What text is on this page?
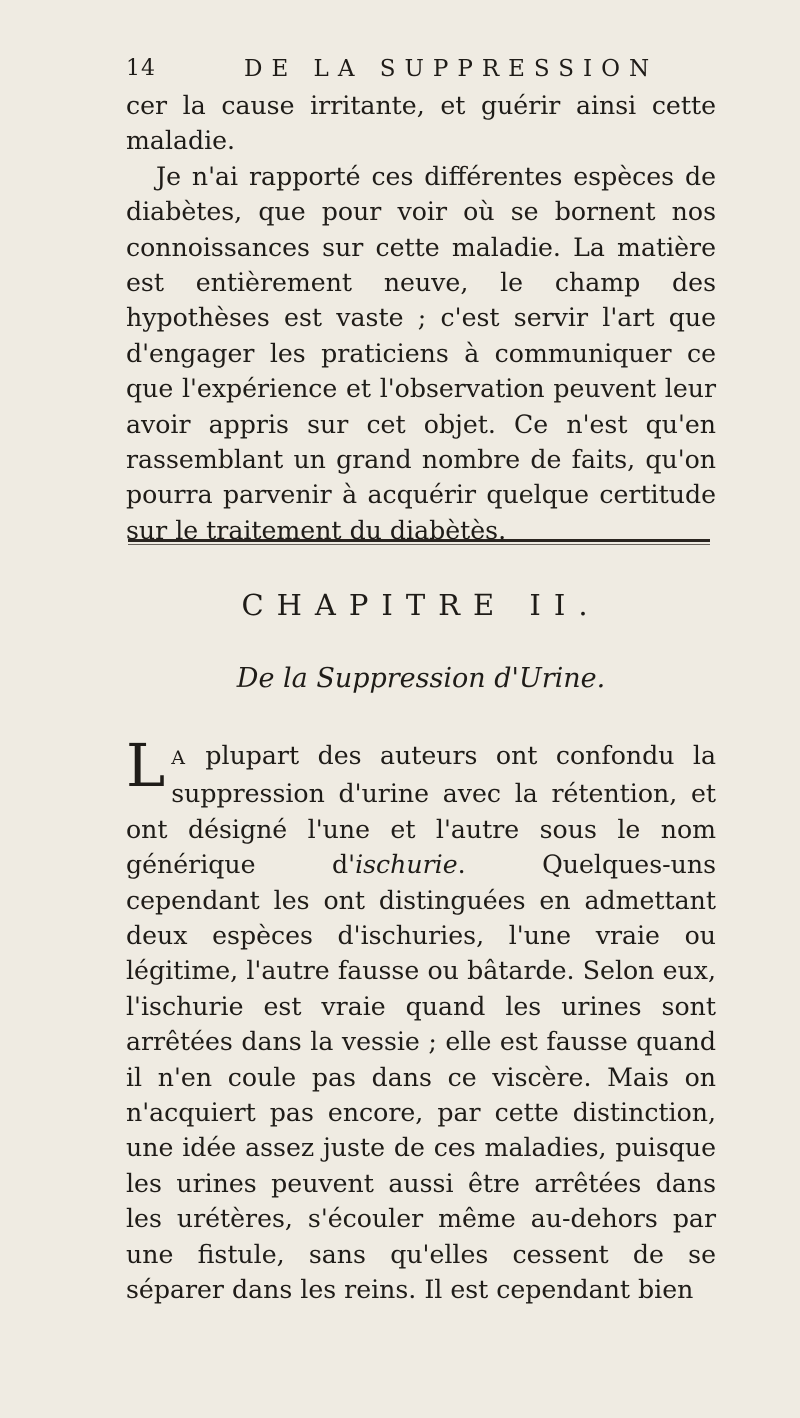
14	DE LA SUPPRESSION

cer la cause irritante, et guérir ainsi cette maladie.

Je n'ai rapporté ces différentes espèces de diabètes, que pour voir où se bornent nos connoissances sur cette maladie. La matière est entièrement neuve, le champ des hypothèses est vaste ; c'est servir l'art que d'engager les praticiens à communiquer ce que l'expérience et l'observation peuvent leur avoir appris sur cet objet. Ce n'est qu'en rassemblant un grand nombre de faits, qu'on pourra parvenir à acquérir quelque certitude sur le traitement du diabètès.

CHAPITRE II.
De la Suppression d'Urine.

L A plupart des auteurs ont confondu la suppression d'urine avec la rétention, et ont désigné l'une et l'autre sous le nom générique d'ischurie. Quelques-uns cependant les ont distinguées en admettant deux espèces d'ischuries, l'une vraie ou légitime, l'autre fausse ou bâtarde. Selon eux, l'ischurie est vraie quand les urines sont arrêtées dans la vessie ; elle est fausse quand il n'en coule pas dans ce viscère. Mais on n'acquiert pas encore, par cette distinction, une idée assez juste de ces maladies, puisque les urines peuvent aussi être arrêtées dans les urétères, s'écouler même au-dehors par une fistule, sans qu'elles cessent de se séparer dans les reins. Il est cependant bien
